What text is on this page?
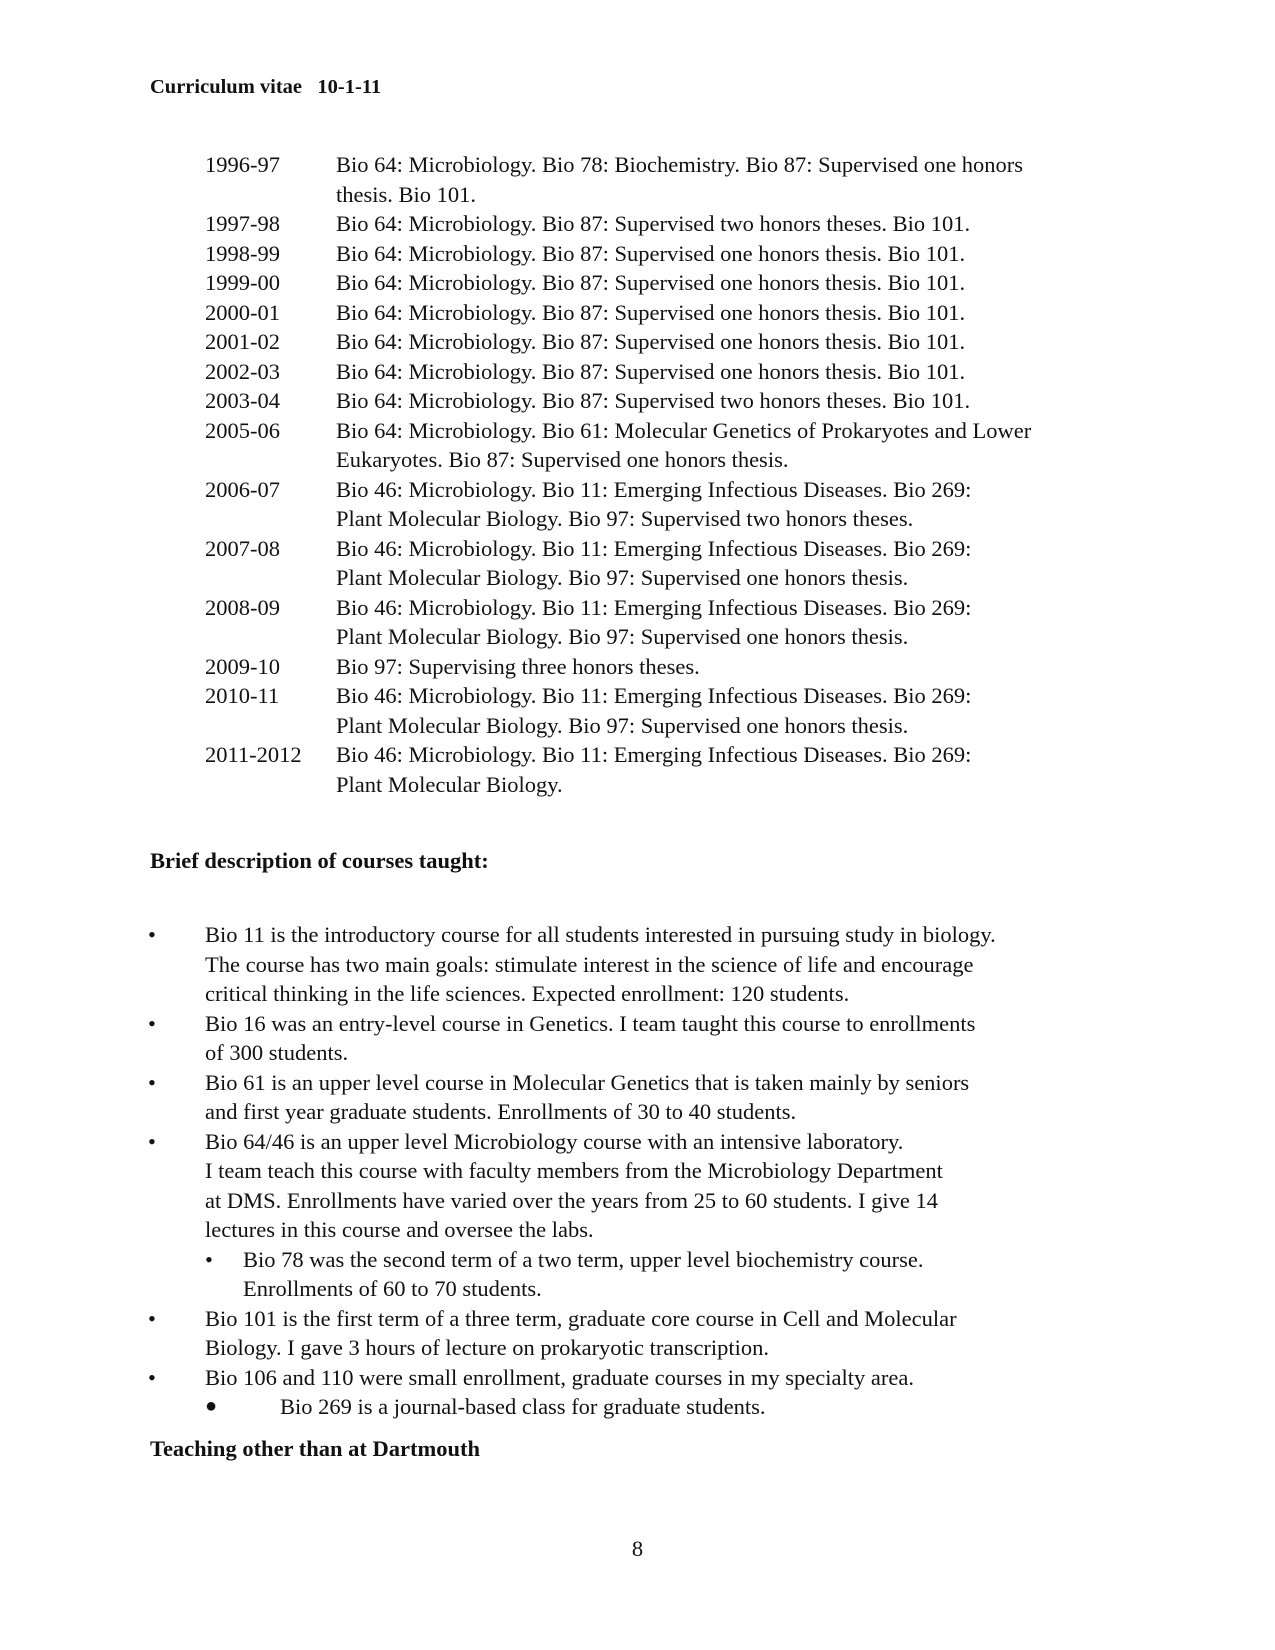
Curriculum vitae   10-1-11
1996-97	Bio 64: Microbiology. Bio 78: Biochemistry. Bio 87: Supervised one honors
thesis. Bio 101.
1997-98	Bio 64: Microbiology. Bio 87: Supervised two honors theses. Bio 101.
1998-99	Bio 64: Microbiology. Bio 87: Supervised one honors thesis. Bio 101.
1999-00	Bio 64: Microbiology. Bio 87: Supervised one honors thesis. Bio 101.
2000-01	Bio 64: Microbiology. Bio 87: Supervised one honors thesis. Bio 101.
2001-02	Bio 64: Microbiology. Bio 87: Supervised one honors thesis. Bio 101.
2002-03	Bio 64: Microbiology. Bio 87: Supervised one honors thesis. Bio 101.
2003-04	Bio 64: Microbiology. Bio 87: Supervised two honors theses. Bio 101.
2005-06	Bio 64: Microbiology. Bio 61: Molecular Genetics of Prokaryotes and Lower
Eukaryotes. Bio 87: Supervised one honors thesis.
2006-07	Bio 46: Microbiology. Bio 11: Emerging Infectious Diseases. Bio 269:
Plant Molecular Biology. Bio 97: Supervised two honors theses.
2007-08	Bio 46: Microbiology. Bio 11: Emerging Infectious Diseases. Bio 269:
Plant Molecular Biology. Bio 97: Supervised one honors thesis.
2008-09	Bio 46: Microbiology. Bio 11: Emerging Infectious Diseases. Bio 269:
Plant Molecular Biology. Bio 97: Supervised one honors thesis.
2009-10	Bio 97: Supervising three honors theses.
2010-11	Bio 46: Microbiology. Bio 11: Emerging Infectious Diseases. Bio 269:
Plant Molecular Biology. Bio 97: Supervised one honors thesis.
2011-2012	Bio 46: Microbiology. Bio 11: Emerging Infectious Diseases. Bio 269:
Plant Molecular Biology.
Brief description of courses taught:
• Bio 11 is the introductory course for all students interested in pursuing study in biology.
The course has two main goals: stimulate interest in the science of life and encourage
critical thinking in the life sciences. Expected enrollment: 120 students.
• Bio 16 was an entry-level course in Genetics. I team taught this course to enrollments
of 300 students.
• Bio 61 is an upper level course in Molecular Genetics that is taken mainly by seniors
and first year graduate students. Enrollments of 30 to 40 students.
• Bio 64/46 is an upper level Microbiology course with an intensive laboratory.
I team teach this course with faculty members from the Microbiology Department
at DMS. Enrollments have varied over the years from 25 to 60 students. I give 14
lectures in this course and oversee the labs.
• Bio 78 was the second term of a two term, upper level biochemistry course.
Enrollments of 60 to 70 students.
• Bio 101 is the first term of a three term, graduate core course in Cell and Molecular
Biology. I gave 3 hours of lecture on prokaryotic transcription.
• Bio 106 and 110 were small enrollment, graduate courses in my specialty area.
●	Bio 269 is a journal-based class for graduate students.
Teaching other than at Dartmouth
8
